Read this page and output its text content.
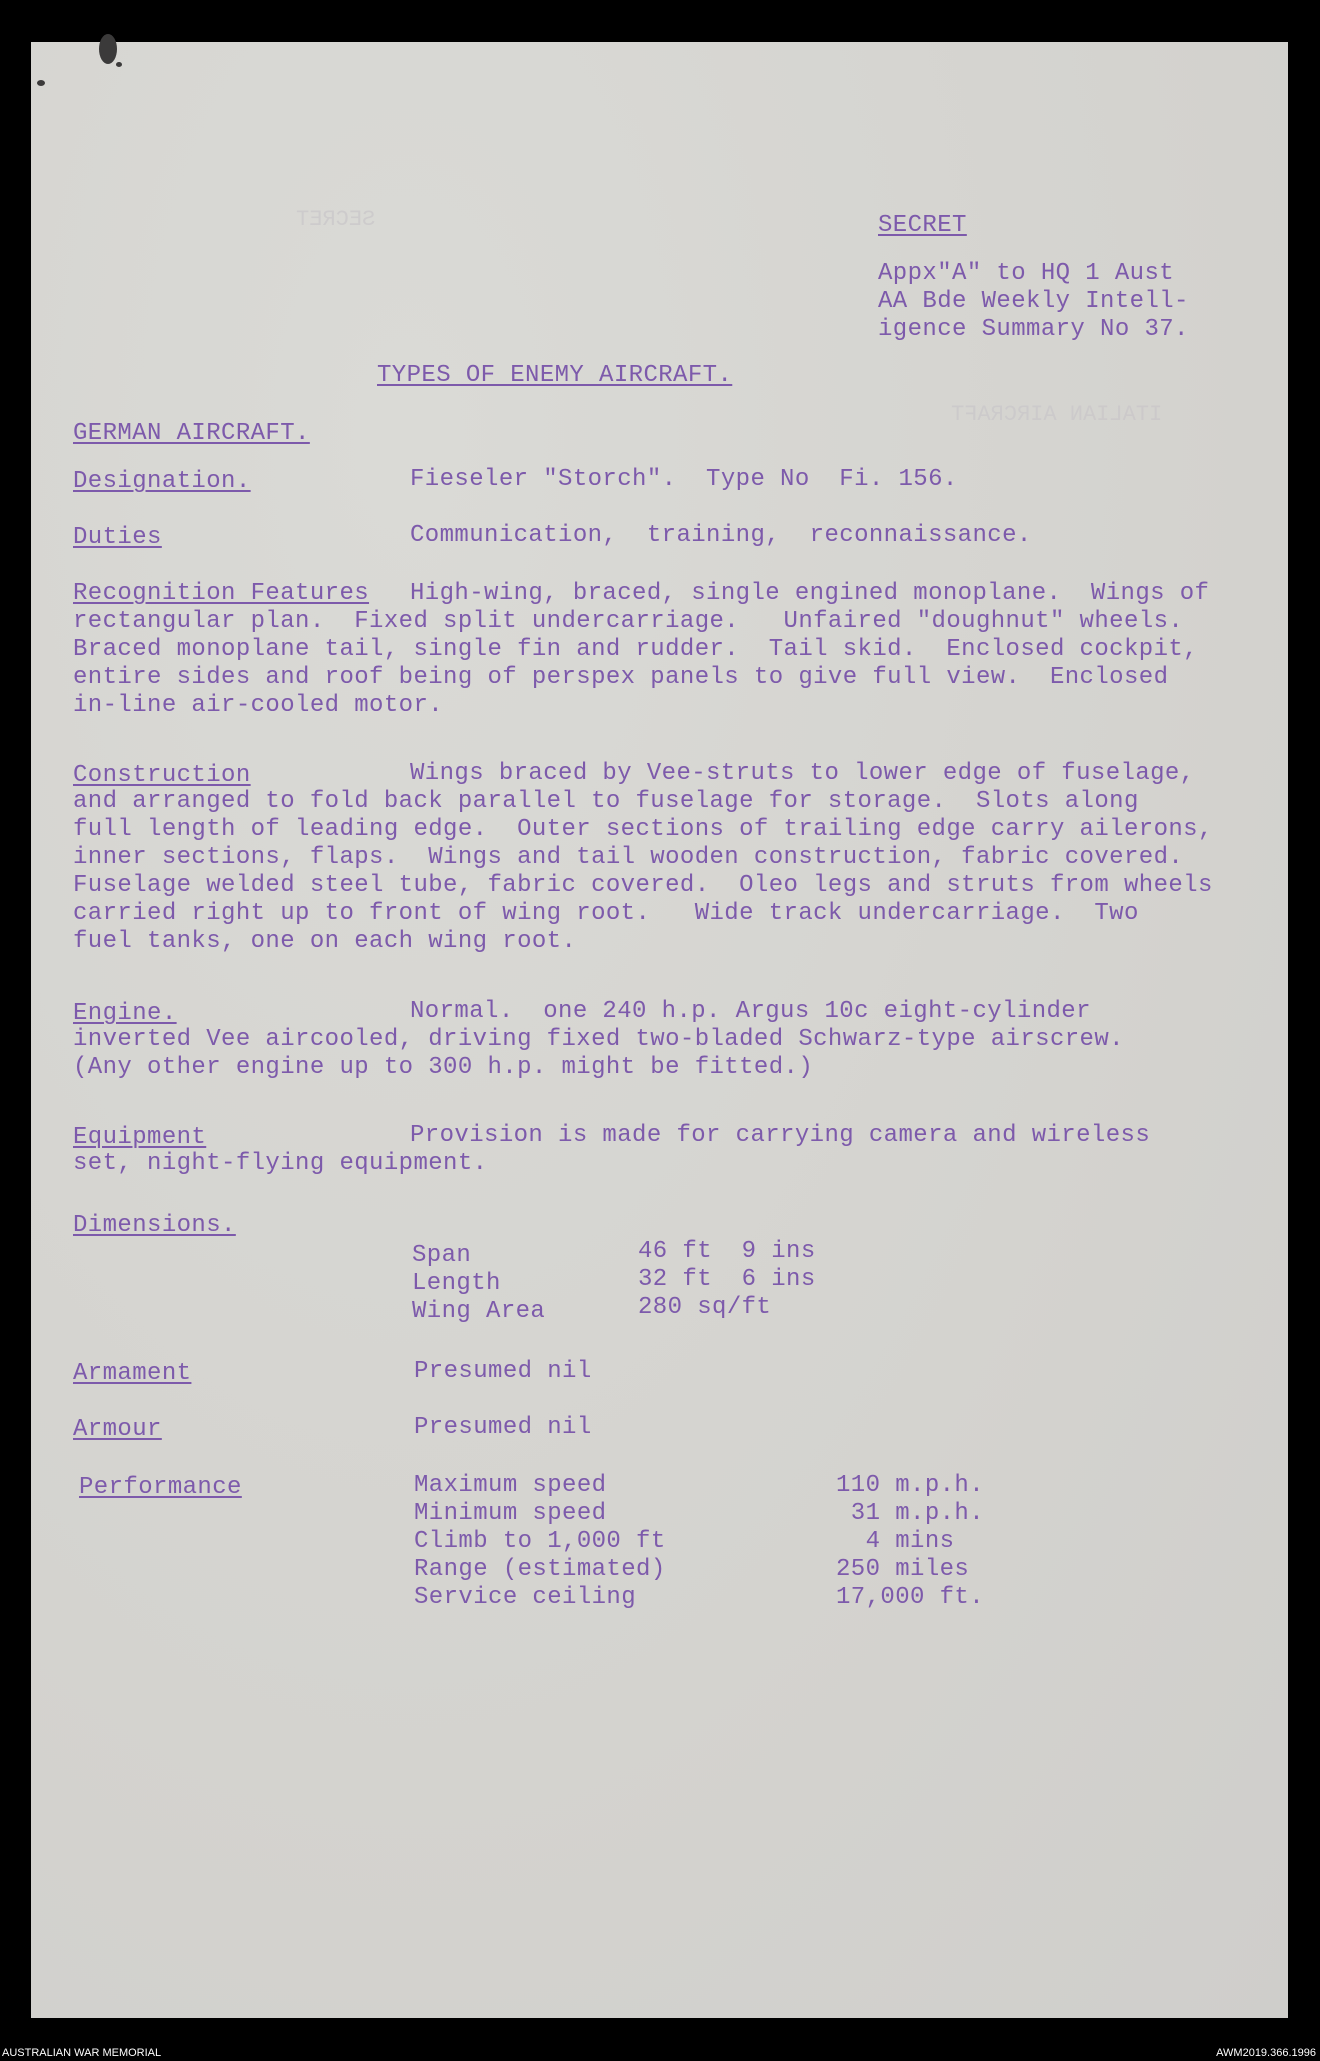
SECRET
ITALIAN AIRCRAFT
SECRET
Appx"A" to HQ 1 Aust
AA Bde Weekly Intell-
igence Summary No 37.
TYPES OF ENEMY AIRCRAFT.
GERMAN AIRCRAFT.
Designation.	Fieseler "Storch".  Type No  Fi. 156.
Duties	Communication,  training,  reconnaissance.
Recognition Features High-wing, braced, single engined monoplane.  Wings of
rectangular plan.  Fixed split undercarriage.   Unfaired "doughnut" wheels.
Braced monoplane tail, single fin and rudder.  Tail skid.  Enclosed cockpit,
entire sides and roof being of perspex panels to give full view.  Enclosed
in-line air-cooled motor.
Construction	Wings braced by Vee-struts to lower edge of fuselage,
and arranged to fold back parallel to fuselage for storage.  Slots along
full length of leading edge.  Outer sections of trailing edge carry ailerons,
inner sections, flaps.  Wings and tail wooden construction, fabric covered.
Fuselage welded steel tube, fabric covered.  Oleo legs and struts from wheels
carried right up to front of wing root.   Wide track undercarriage.  Two
fuel tanks, one on each wing root.
Engine.	Normal.  one 240 h.p. Argus 10c eight-cylinder
inverted Vee aircooled, driving fixed two-bladed Schwarz-type airscrew.
(Any other engine up to 300 h.p. might be fitted.)
Equipment	Provision is made for carrying camera and wireless
set, night-flying equipment.
Dimensions.
Span	46 ft  9 ins
Length	32 ft  6 ins
Wing Area	280 sq/ft
Armament	Presumed nil
Armour	Presumed nil
Performance	Maximum speed	110 m.p.h.
Minimum speed	31 m.p.h.
Climb to 1,000 ft	4 mins
Range (estimated)	250 miles
Service ceiling	17,000 ft.
AUSTRALIAN WAR MEMORIAL	AWM2019.366.1996
